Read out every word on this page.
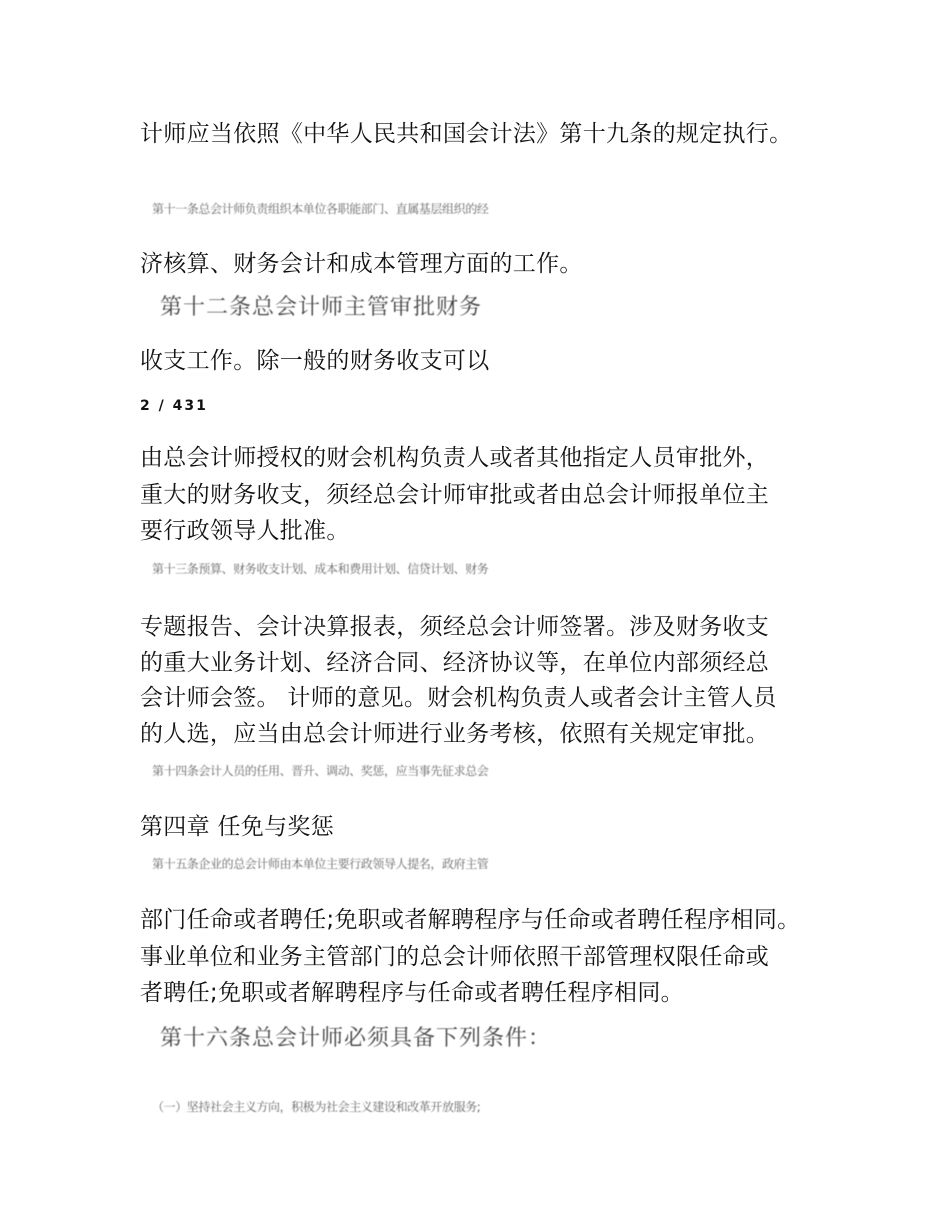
计师应当依照《中华人民共和国会计法》第十九条的规定执行。
第十一条总会计师负责组织本单位各职能部门、直属基层组织的经
济核算、财务会计和成本管理方面的工作。
第十二条总会计师主管审批财务
收支工作。除一般的财务收支可以
2 / 431
由总会计师授权的财会机构负责人或者其他指定人员审批外，
重大的财务收支，须经总会计师审批或者由总会计师报单位主
要行政领导人批准。
第十三条预算、财务收支计划、成本和费用计划、信贷计划、财务
专题报告、会计决算报表，须经总会计师签署。涉及财务收支
的重大业务计划、经济合同、经济协议等，在单位内部须经总
会计师会签。 计师的意见。财会机构负责人或者会计主管人员
的人选，应当由总会计师进行业务考核，依照有关规定审批。
第十四条会计人员的任用、晋升、调动、奖惩，应当事先征求总会
第四章 任免与奖惩
第十五条企业的总会计师由本单位主要行政领导人提名，政府主管
部门任命或者聘任;免职或者解聘程序与任命或者聘任程序相同。
事业单位和业务主管部门的总会计师依照干部管理权限任命或
者聘任;免职或者解聘程序与任命或者聘任程序相同。
第十六条总会计师必须具备下列条件：
（一）坚持社会主义方向，积极为社会主义建设和改革开放服务;
